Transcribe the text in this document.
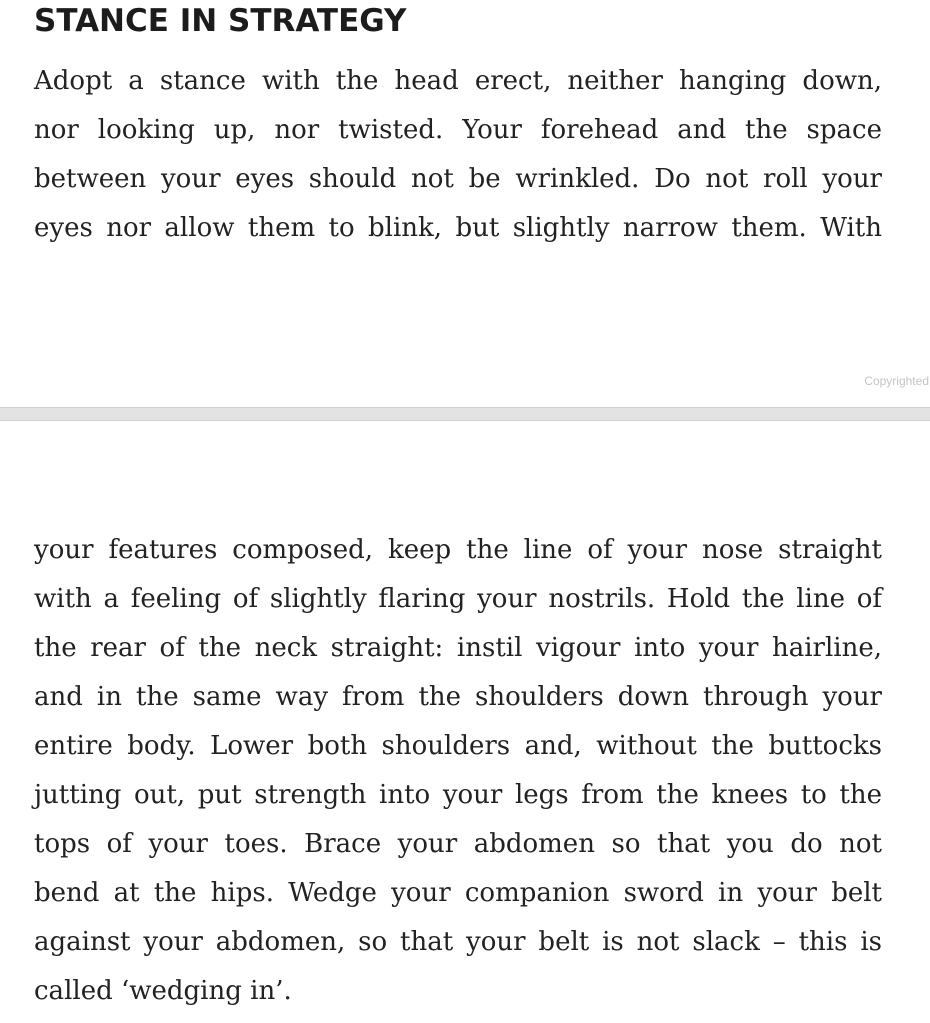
STANCE IN STRATEGY
Adopt a stance with the head erect, neither hanging down,
nor looking up, nor twisted. Your forehead and the space
between your eyes should not be wrinkled. Do not roll your
eyes nor allow them to blink, but slightly narrow them. With
Copyrighted
your features composed, keep the line of your nose straight
with a feeling of slightly flaring your nostrils. Hold the line of
the rear of the neck straight: instil vigour into your hairline,
and in the same way from the shoulders down through your
entire body. Lower both shoulders and, without the buttocks
jutting out, put strength into your legs from the knees to the
tops of your toes. Brace your abdomen so that you do not
bend at the hips. Wedge your companion sword in your belt
against your abdomen, so that your belt is not slack – this is
called ‘wedging in’.
